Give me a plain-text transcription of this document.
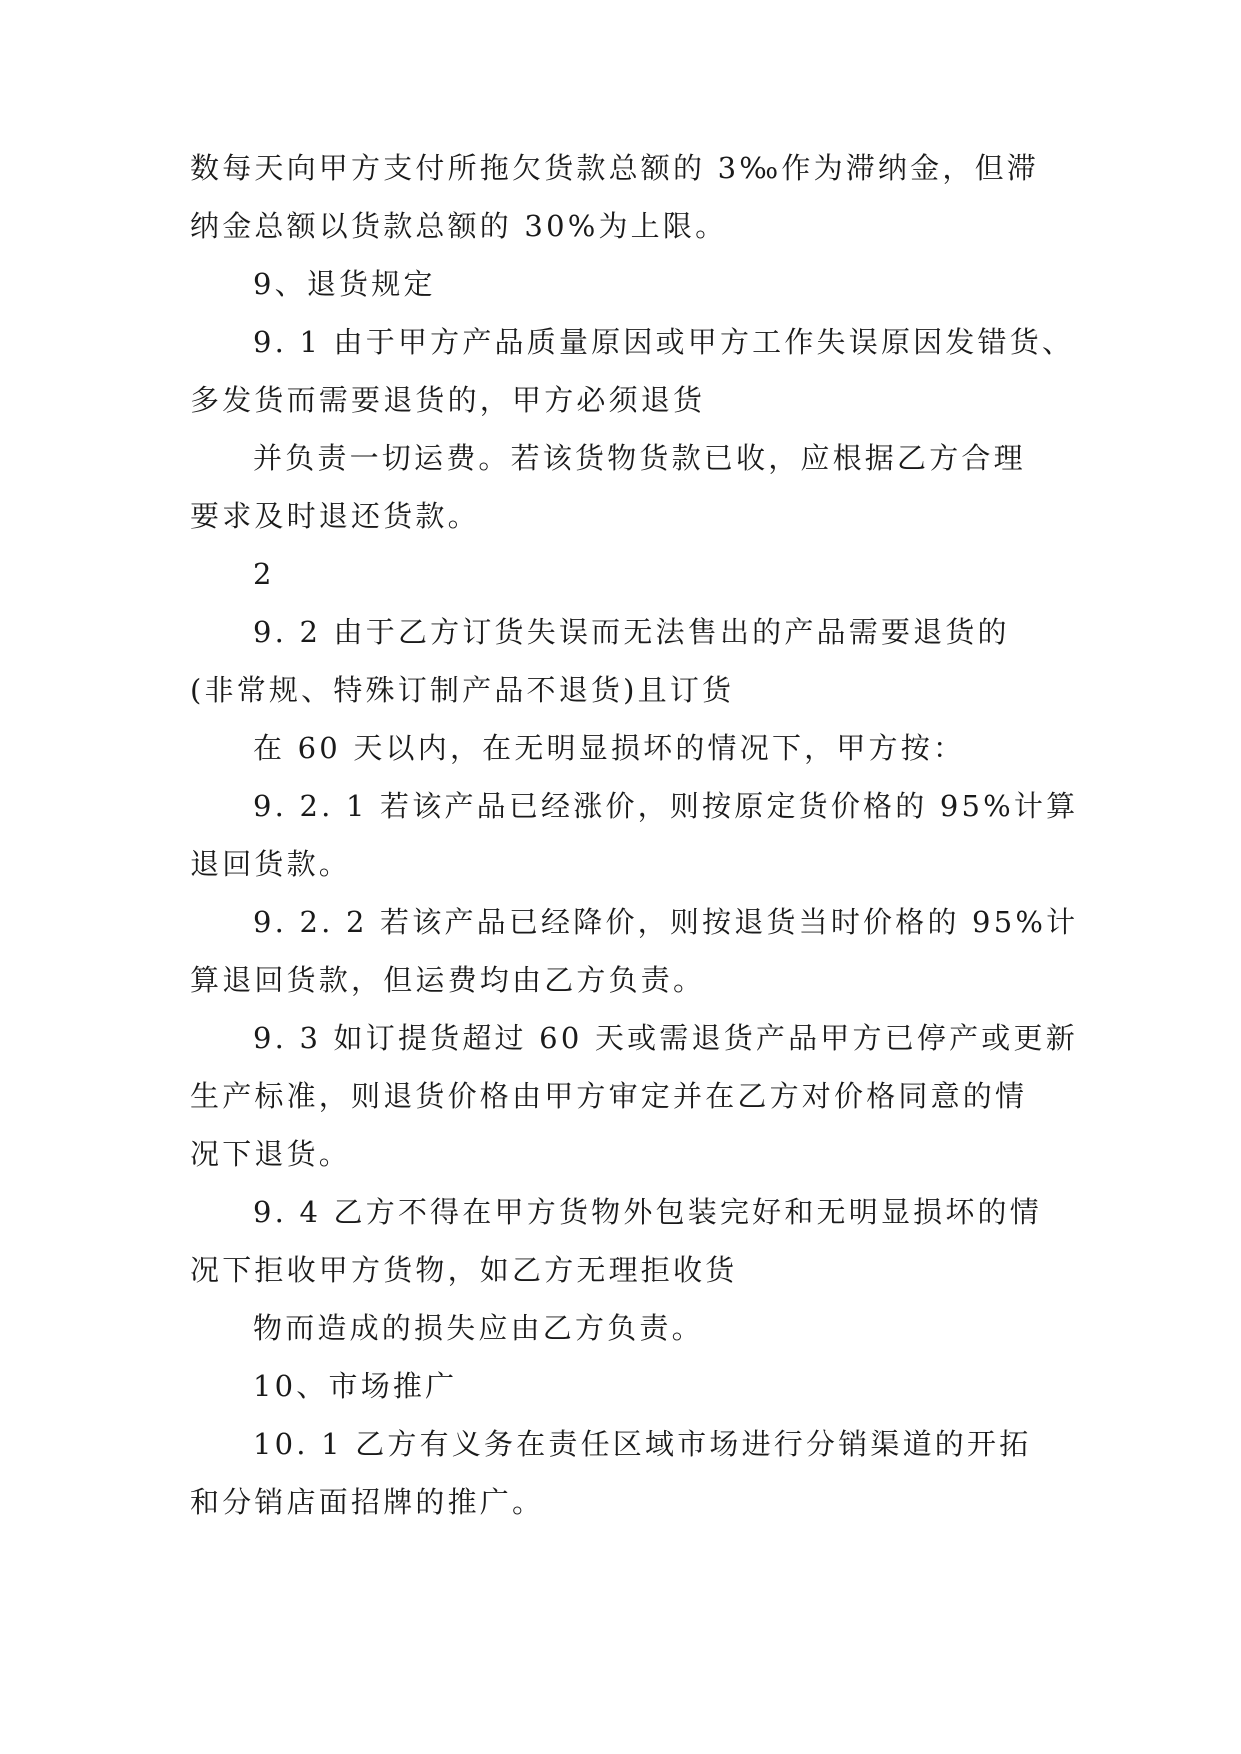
数每天向甲方支付所拖欠货款总额的 3‰作为滞纳金，但滞
纳金总额以货款总额的 30%为上限。
9、退货规定
9. 1 由于甲方产品质量原因或甲方工作失误原因发错货、
多发货而需要退货的，甲方必须退货
并负责一切运费。若该货物货款已收，应根据乙方合理
要求及时退还货款。
2
9. 2 由于乙方订货失误而无法售出的产品需要退货的
(非常规、特殊订制产品不退货)且订货
在 60 天以内，在无明显损坏的情况下，甲方按：
9. 2. 1 若该产品已经涨价，则按原定货价格的 95%计算
退回货款。
9. 2. 2 若该产品已经降价，则按退货当时价格的 95%计
算退回货款，但运费均由乙方负责。
9. 3 如订提货超过 60 天或需退货产品甲方已停产或更新
生产标准，则退货价格由甲方审定并在乙方对价格同意的情
况下退货。
9. 4 乙方不得在甲方货物外包装完好和无明显损坏的情
况下拒收甲方货物，如乙方无理拒收货
物而造成的损失应由乙方负责。
10、市场推广
10. 1 乙方有义务在责任区域市场进行分销渠道的开拓
和分销店面招牌的推广。
